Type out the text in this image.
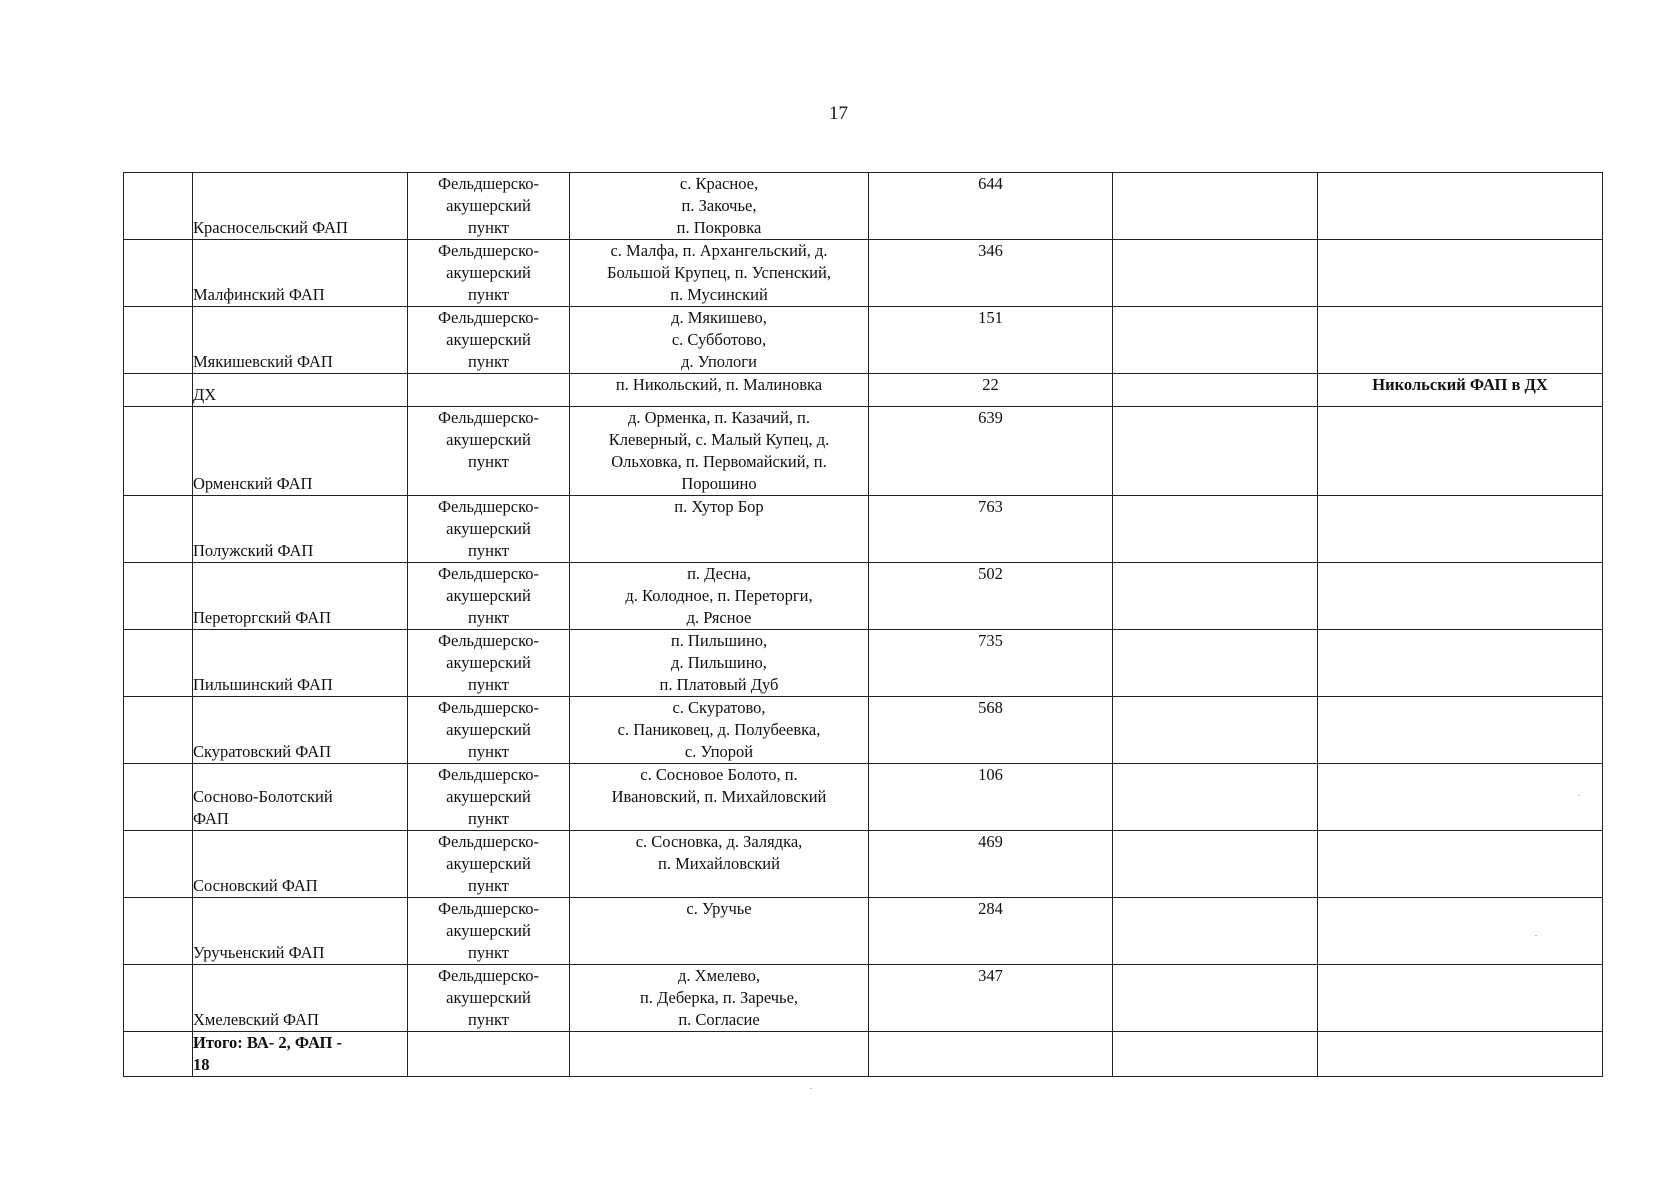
17
	Красносельский ФАП	Фельдшерско-
акушерский
пункт	с. Красное,
п. Закочье,
п. Покровка	644		
	Малфинский ФАП	Фельдшерско-
акушерский
пункт	с. Малфа, п. Архангельский, д.
Большой Крупец, п. Успенский,
п. Мусинский	346		
	Мякишевский ФАП	Фельдшерско-
акушерский
пункт	д. Мякишево,
с. Субботово,
д. Упологи	151		
	ДХ		п. Никольский, п. Малиновка	22		Никольский ФАП в ДХ
	Орменский ФАП	Фельдшерско-
акушерский
пункт	д. Орменка, п. Казачий, п.
Клеверный, с. Малый Купец, д.
Ольховка, п. Первомайский, п.
Порошино	639		
	Полужский ФАП	Фельдшерско-
акушерский
пункт	п. Хутор Бор	763		
	Переторгский ФАП	Фельдшерско-
акушерский
пункт	п. Десна,
д. Колодное, п. Переторги,
д. Рясное	502		
	Пильшинский ФАП	Фельдшерско-
акушерский
пункт	п. Пильшино,
д. Пильшино,
п. Платовый Дуб	735		
	Скуратовский ФАП	Фельдшерско-
акушерский
пункт	с. Скуратово,
с. Паниковец, д. Полубеевка,
с. Упорой	568		
	Сосново-Болотский
ФАП	Фельдшерско-
акушерский
пункт	с. Сосновое Болото, п.
Ивановский, п. Михайловский	106		
	Сосновский ФАП	Фельдшерско-
акушерский
пункт	с. Сосновка, д. Залядка,
п. Михайловский	469		
	Уручьенский ФАП	Фельдшерско-
акушерский
пункт	с. Уручье	284		
	Хмелевский ФАП	Фельдшерско-
акушерский
пункт	д. Хмелево,
п. Деберка, п. Заречье,
п. Согласие	347		
	Итого: ВА- 2, ФАП -
18					
